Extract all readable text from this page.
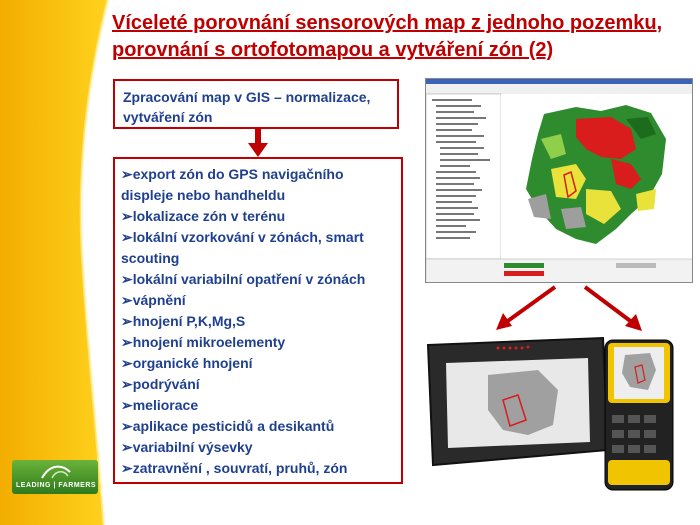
Víceleté porovnání sensorových map z jednoho pozemku,
porovnání s ortofotomapou a vytváření zón (2)
Zpracování map v GIS – normalizace, vytváření zón
➢export zón do GPS navigačního
displeje nebo handheldu
➢lokalizace zón v terénu
➢lokální vzorkování v zónách, smart
scouting
➢lokální variabilní opatření v zónách
➢vápnění
➢hnojení P,K,Mg,S
➢hnojení mikroelementy
➢organické hnojení
➢podrývání
➢meliorace
➢aplikace pesticidů a desikantů
➢variabilní výsevky
➢zatravnění , souvratí, pruhů, zón
LEADING | FARMERS
